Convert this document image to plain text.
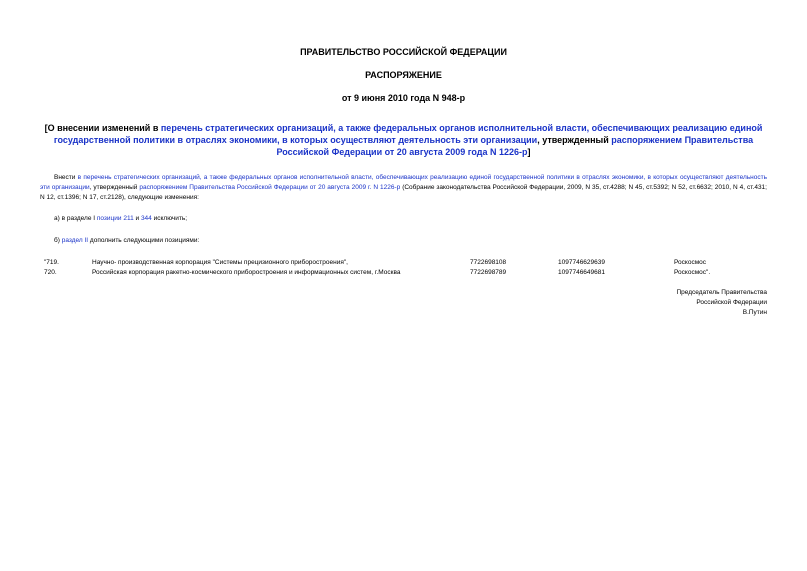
ПРАВИТЕЛЬСТВО РОССИЙСКОЙ ФЕДЕРАЦИИ
РАСПОРЯЖЕНИЕ
от 9 июня 2010 года N 948-р
[О внесении изменений в перечень стратегических организаций, а также федеральных органов исполнительной власти, обеспечивающих реализацию единой государственной политики в отраслях экономики, в которых осуществляют деятельность эти организации, утвержденный распоряжением Правительства Российской Федерации от 20 августа 2009 года N 1226-р]
Внести в перечень стратегических организаций, а также федеральных органов исполнительной власти, обеспечивающих реализацию единой государственной политики в отраслях экономики, в которых осуществляют деятельность эти организации, утвержденный распоряжением Правительства Российской Федерации от 20 августа 2009 г. N 1226-р (Собрание законодательства Российской Федерации, 2009, N 35, ст.4288; N 45, ст.5392; N 52, ст.6632; 2010, N 4, ст.431; N 12, ст.1396; N 17, ст.2128), следующие изменения:
а) в разделе I позиции 211 и 344 исключить;
б) раздел II дополнить следующими позициями:
"719.	Научно- производственная корпорация "Системы прецизионного приборостроения",	7722698108	1097746629639	Роскосмос
720.	Российская корпорация ракетно-космического приборостроения и информационных систем, г.Москва	7722698789	1097746649681	Роскосмос".
Председатель Правительства
Российской Федерации
В.Путин
